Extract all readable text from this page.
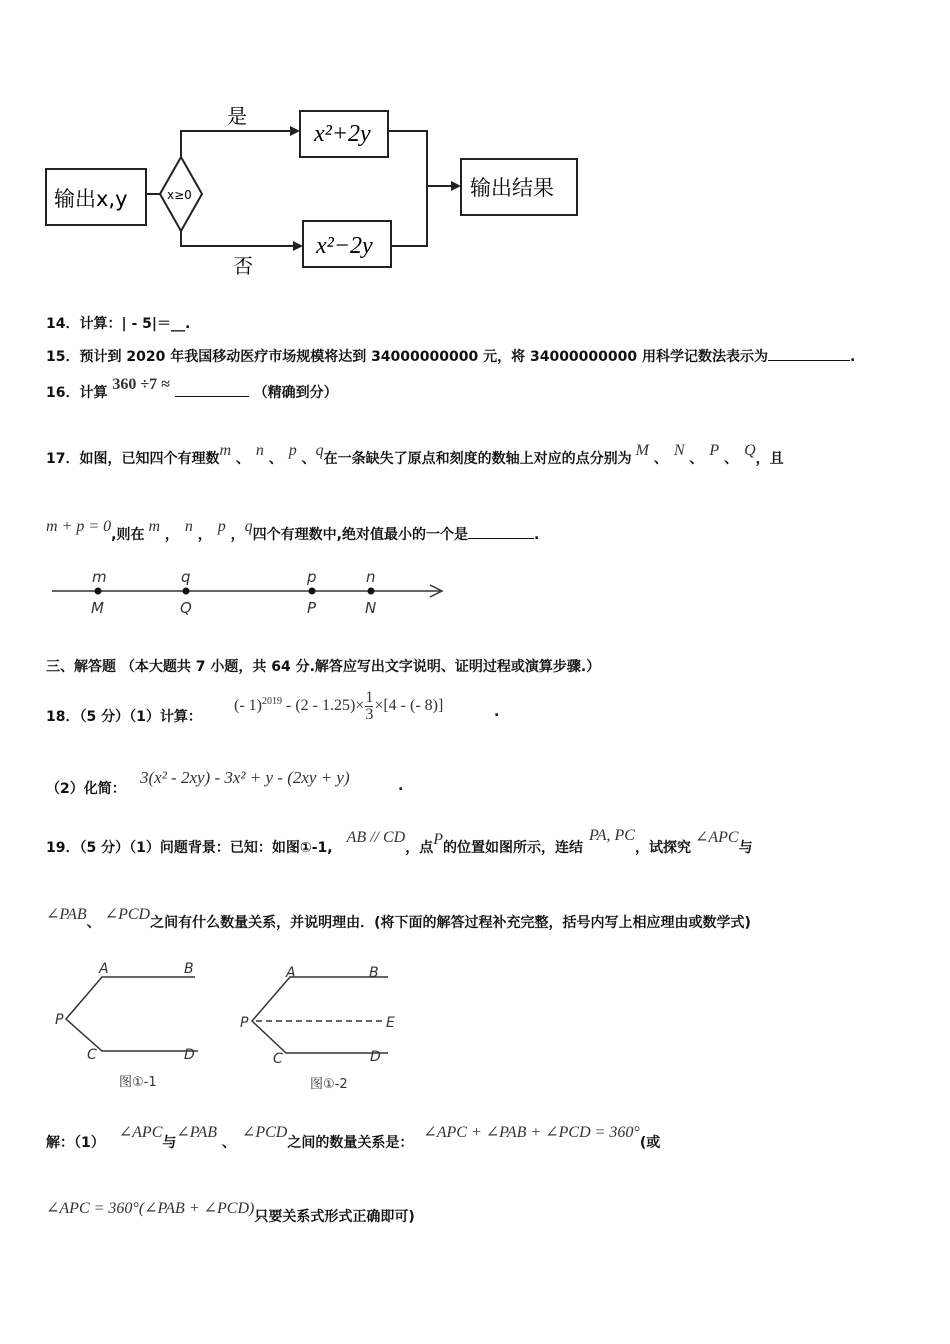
输出x,y	x≥0
是
否
x²+2y
x²−2y
输出结果
14．计算：| - 5|＝__.
15．预计到 2020 年我国移动医疗市场规模将达到 34000000000 元，将 34000000000 用科学记数法表示为	.
16．计算 360 ÷7 ≈	（精确到分）
17．如图，已知四个有理数m 、 n 、 p 、q在一条缺失了原点和刻度的数轴上对应的点分别为 M 、 N 、 P 、 Q，且
m + p = 0,则在 m ， n ， p ，q四个有理数中,绝对值最小的一个是	.
m	q	p	n
M	Q	P	N
三、解答题 （本大题共 7 小题，共 64 分.解答应写出文字说明、证明过程或演算步骤.）
18．（5 分）（1）计算：
(‐ 1)$^{2019}$ ‐ (2 ‐ $1.25)\times \frac{1}{3} \times[4$ ‐ (‐ 8)]	.
（2）化简：
3(x² ‐ 2xy) ‐ 3x² + y ‐ (2xy + y)	.
19．（5 分）（1）问题背景：已知：如图①-1,AB // CD，点P的位置如图所示，连结PA, PC，试探究∠APC与
∠PAB、 ∠PCD之间有什么数量关系，并说明理由．(将下面的解答过程补充完整，括号内写上相应理由或数学式)
A	B
P
C	D
A	B
P	E
C	D
图①-1	图①-2
解：（1）∠APC与∠PAB 、∠PCD之间的数量关系是：∠APC + ∠PAB + ∠PCD = 360°(或
∠APC = 360°(∠PAB + ∠PCD)只要关系式形式正确即可)
